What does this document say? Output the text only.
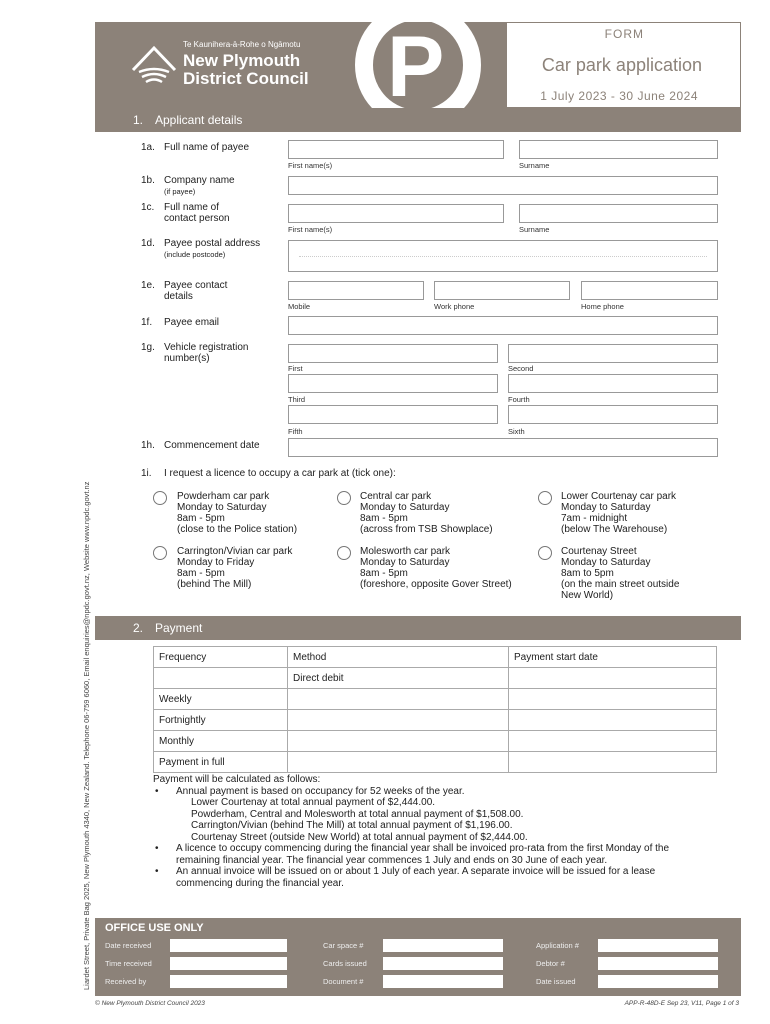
Liardet Street, Private Bag 2025, New Plymouth 4340, New Zealand. Telephone 06-759 6060, Email enquiries@npdc.govt.nz, Website www.npdc.govt.nz
Te Kaunihera-ā-Rohe o Ngāmotu
New Plymouth
District Council P	FORM
Car park application
1 July 2023 - 30 June 2024
1. Applicant details
1a. Full name of payee
First name(s)	Surname
1b. Company name
(if payee)
1c. Full name of contact person
First name(s)	Surname
1d. Payee postal address
(include postcode)
1e. Payee contact details
Mobile	Work phone	Home phone
1f. Payee email
1g. Vehicle registration number(s)
First	Second
Third	Fourth
Fifth	Sixth
1h. Commencement date
1i. I request a licence to occupy a car park at (tick one):
Powderham car park
Monday to Saturday
8am - 5pm
(close to the Police station)
Central car park
Monday to Saturday
8am - 5pm
(across from TSB Showplace)
Lower Courtenay car park
Monday to Saturday
7am - midnight
(below The Warehouse)
Carrington/Vivian car park
Monday to Friday
8am - 5pm
(behind The Mill)
Molesworth car park
Monday to Saturday
8am - 5pm
(foreshore, opposite Gover Street)
Courtenay Street
Monday to Saturday
8am to 5pm
(on the main street outside
New World)
2. Payment
Frequency	Method	Payment start date
	Direct debit	
Weekly		
Fortnightly		
Monthly		
Payment in full		
Payment will be calculated as follows:
• Annual payment is based on occupancy for 52 weeks of the year.
Lower Courtenay at total annual payment of $2,444.00.
Powderham, Central and Molesworth at total annual payment of $1,508.00.
Carrington/Vivian (behind The Mill) at total annual payment of $1,196.00.
Courtenay Street (outside New World) at total annual payment of $2,444.00.
• A licence to occupy commencing during the financial year shall be invoiced pro-rata from the first Monday of the
remaining financial year. The financial year commences 1 July and ends on 30 June of each year.
• An annual invoice will be issued on or about 1 July of each year. A separate invoice will be issued for a lease
commencing during the financial year.
OFFICE USE ONLY
Date received
Time received
Received by
Car space #
Cards issued
Document #
Application #
Debtor #
Date issued
© New Plymouth District Council 2023	APP-R-48D-E Sep 23, V11, Page 1 of 3
